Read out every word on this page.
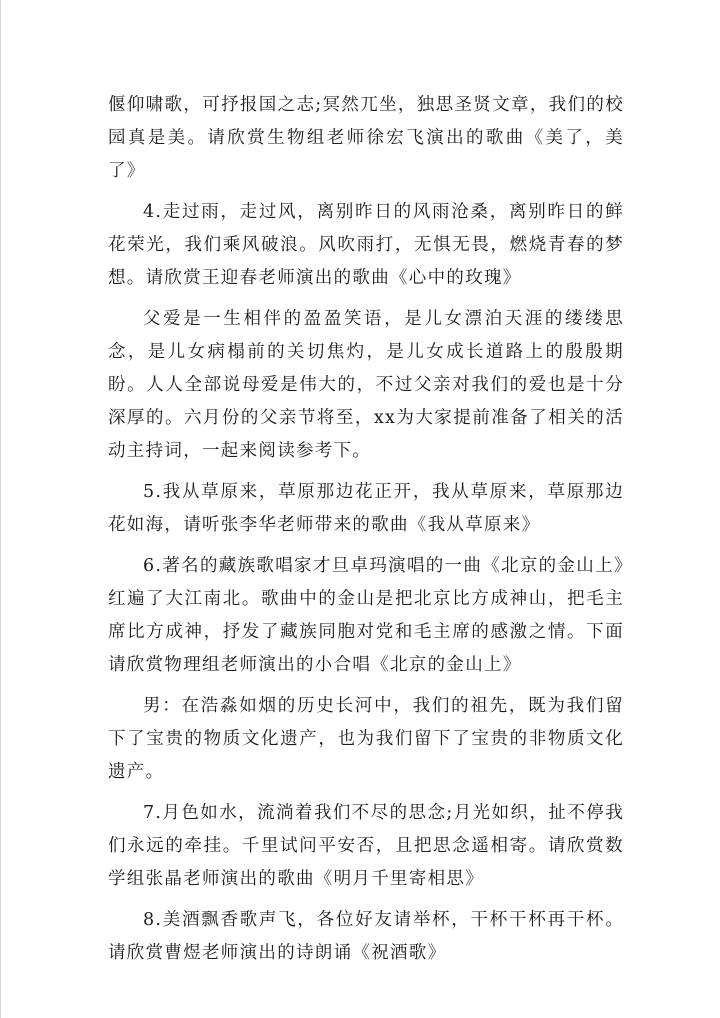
偃仰啸歌，可抒报国之志;冥然兀坐，独思圣贤文章，我们的校园真是美。请欣赏生物组老师徐宏飞演出的歌曲《美了，美了》

4.走过雨，走过风，离别昨日的风雨沧桑，离别昨日的鲜花荣光，我们乘风破浪。风吹雨打，无惧无畏，燃烧青春的梦想。请欣赏王迎春老师演出的歌曲《心中的玫瑰》

父爱是一生相伴的盈盈笑语，是儿女漂泊天涯的缕缕思念，是儿女病榻前的关切焦灼，是儿女成长道路上的殷殷期盼。人人全部说母爱是伟大的，不过父亲对我们的爱也是十分深厚的。六月份的父亲节将至，xx为大家提前准备了相关的活动主持词，一起来阅读参考下。

5.我从草原来，草原那边花正开，我从草原来，草原那边花如海，请听张李华老师带来的歌曲《我从草原来》

6.著名的藏族歌唱家才旦卓玛演唱的一曲《北京的金山上》红遍了大江南北。歌曲中的金山是把北京比方成神山，把毛主席比方成神，抒发了藏族同胞对党和毛主席的感激之情。下面请欣赏物理组老师演出的小合唱《北京的金山上》

男：在浩淼如烟的历史长河中，我们的祖先，既为我们留下了宝贵的物质文化遗产，也为我们留下了宝贵的非物质文化遗产。

7.月色如水，流淌着我们不尽的思念;月光如织，扯不停我们永远的牵挂。千里试问平安否，且把思念遥相寄。请欣赏数学组张晶老师演出的歌曲《明月千里寄相思》

8.美酒飘香歌声飞，各位好友请举杯，干杯干杯再干杯。请欣赏曹煜老师演出的诗朗诵《祝酒歌》
